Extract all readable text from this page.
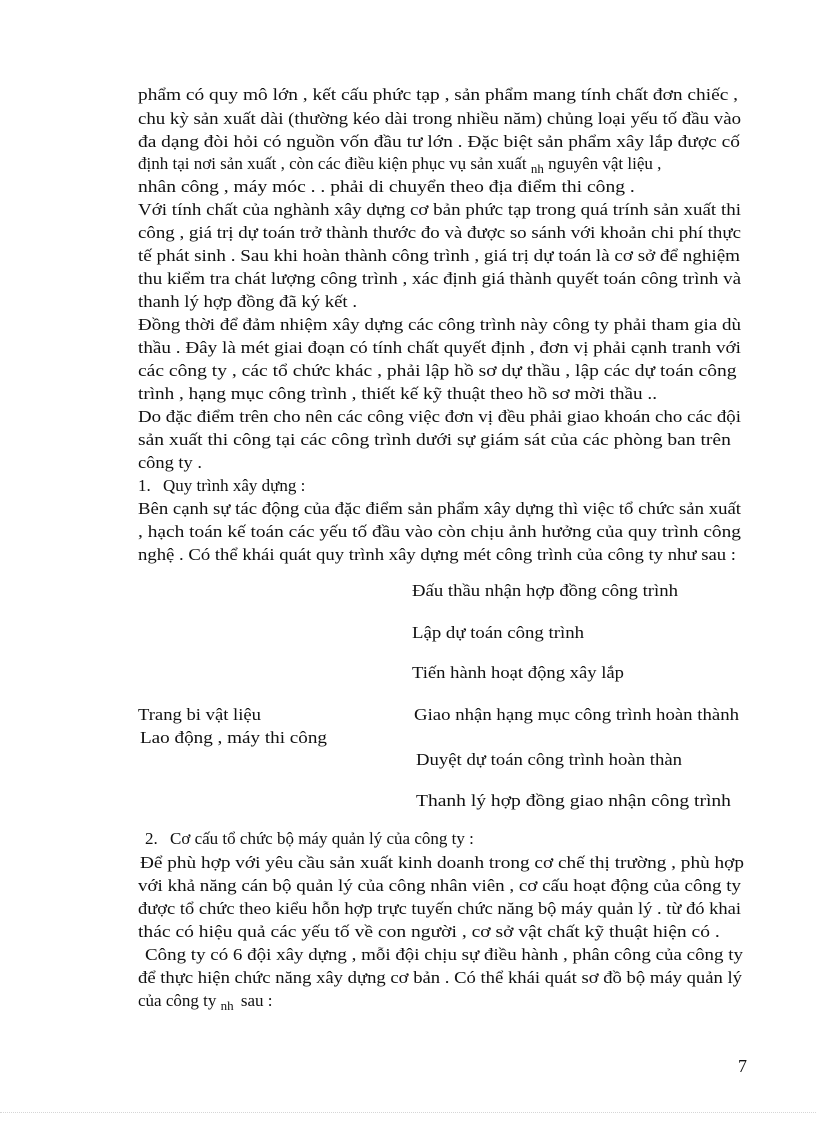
phẩm có quy mô lớn , kết cấu phức tạp , sản phẩm mang tính chất đơn chiếc ,
chu kỳ sản xuất dài (thường kéo dài trong nhiều năm) chủng loại yếu tố đầu vào
đa dạng đòi hỏi có nguồn vốn đầu tư lớn . Đặc biệt sản phẩm xây lắp được cố
định tại nơi sản xuất , còn các điều kiện phục vụ sản xuất $_{nh}$ nguyên vật liệu ,
nhân công , máy móc . . phải di chuyển theo địa điểm thi công .
Với tính chất của nghành xây dựng cơ bản phức tạp trong quá trính sản xuất thi
công , giá trị dự toán trở thành thước đo và được so sánh với khoản chi phí thực
tế phát sinh . Sau khi hoàn thành công trình , giá trị dự toán là cơ sở để nghiệm
thu kiểm tra chát lượng công trình , xác định giá thành quyết toán công trình và
thanh lý hợp đồng đã ký kết .
Đồng thời để đảm nhiệm xây dựng các công trình này công ty phải tham gia dù
thầu . Đây là mét giai đoạn có tính chất quyết định , đơn vị phải cạnh tranh với
các công ty , các tổ chức khác , phải lập hồ sơ dự thầu , lập các dự toán công
trình , hạng mục công trình , thiết kế kỹ thuật theo hồ sơ mời thầu ..
Do đặc điểm trên cho nên các công việc đơn vị đều phải giao khoán cho các đội
sản xuất thi công tại các công trình dưới sự giám sát của các phòng ban trên
công ty .
1. Quy trình xây dựng :
Bên cạnh sự tác động của đặc điểm sản phẩm xây dựng thì việc tổ chức sản xuất
, hạch toán kế toán các yếu tố đầu vào còn chịu ảnh hưởng của quy trình công
nghệ . Có thể khái quát quy trình xây dựng mét công trình của công ty như sau :
Đấu thầu nhận hợp đồng công trình
Lập dự toán công trình
Tiến hành hoạt động xây lắp
Trang bi vật liệu	Giao nhận hạng mục công trình hoàn thành
Lao động , máy thi công
Duyệt dự toán công trình hoàn thàn
Thanh lý hợp đồng giao nhận công trình
2. Cơ cấu tổ chức bộ máy quản lý của công ty :
Để phù hợp với yêu cầu sản xuất kinh doanh trong cơ chế thị trường , phù hợp
với khả năng cán bộ quản lý của công nhân viên , cơ cấu hoạt động của công ty
được tổ chức theo kiểu hỗn hợp trực tuyến chức năng bộ máy quản lý . từ đó khai
thác có hiệu quả các yếu tố về con người , cơ sở vật chất kỹ thuật hiện có .
Công ty có 6 đội xây dựng , mỗi đội chịu sự điều hành , phân công của công ty
để thực hiện chức năng xây dựng cơ bản . Có thể khái quát sơ đồ bộ máy quản lý
của công ty $_{nh}$ sau :
7
